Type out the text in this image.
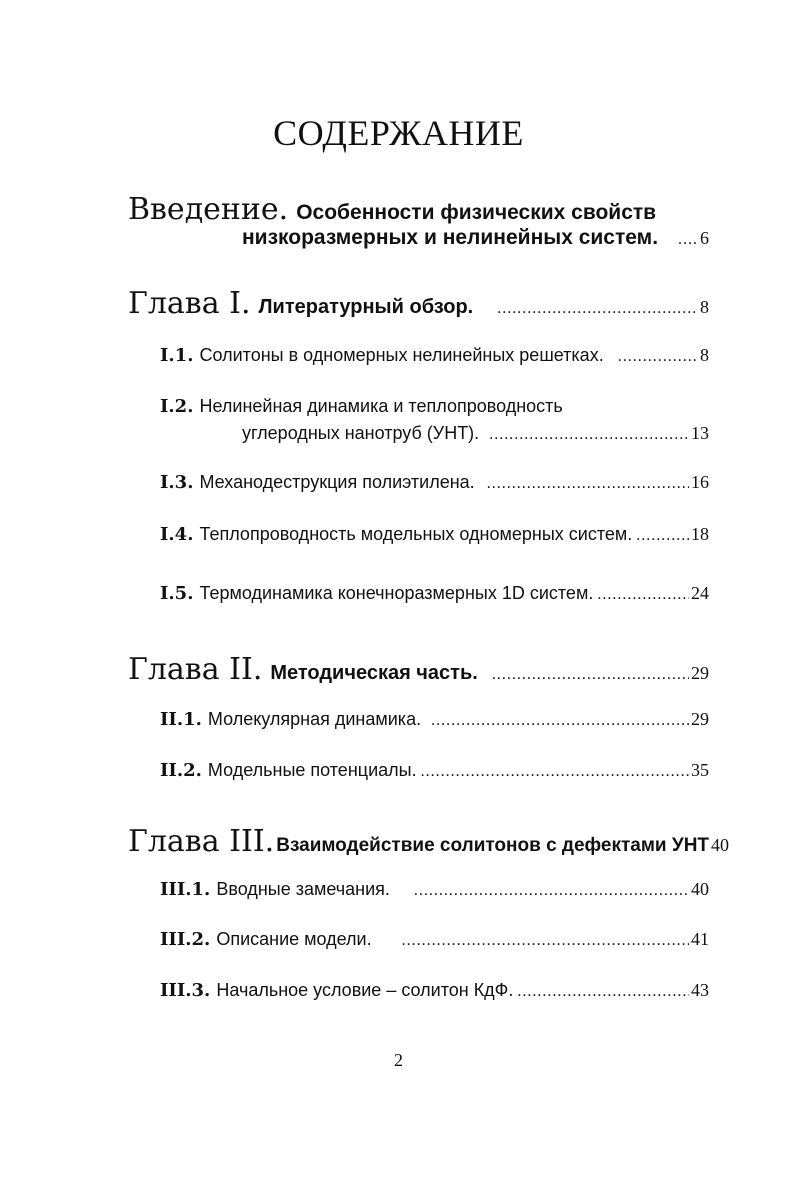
СОДЕРЖАНИЕ
Введение. Особенности физических свойств
низкоразмерных и нелинейных систем. ..... 6
Глава I. Литературный обзор. .....	8
I.1. Солитоны в одномерных нелинейных решетках. .....	8
I.2. Нелинейная динамика и теплопроводность
углеродных нанотруб (УНТ). .....	13
I.3. Механодеструкция полиэтилена. .....	16
I.4. Теплопроводность модельных одномерных систем. .....	18
I.5. Термодинамика конечноразмерных 1D систем. .....	24
Глава II. Методическая часть. .....	29
II.1. Молекулярная динамика. .....	29
II.2. Модельные потенциалы. .....	35
Глава III. Взаимодействие солитонов с дефектами УНТ 40
III.1. Вводные замечания. .....	40
III.2. Описание модели. .....	41
III.3. Начальное условие – солитон КдФ. .....	43
2
